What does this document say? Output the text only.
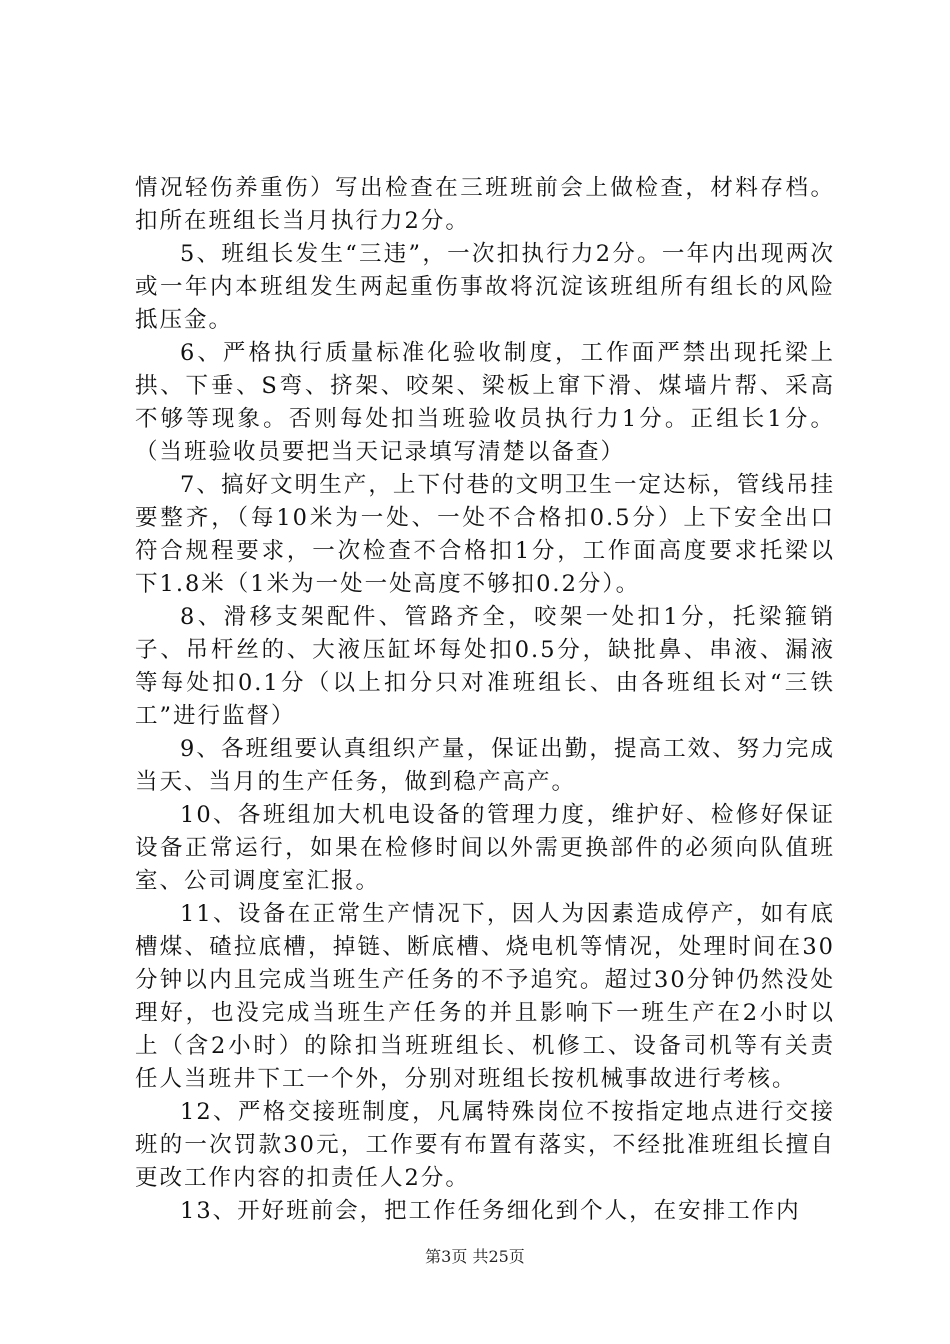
情况轻伤养重伤）写出检查在三班班前会上做检查，材料存档。扣所在班组长当月执行力2分。

5、班组长发生“三违”，一次扣执行力2分。一年内出现两次或一年内本班组发生两起重伤事故将沉淀该班组所有组长的风险抵压金。

6、严格执行质量标准化验收制度，工作面严禁出现托梁上拱、下垂、S弯、挤架、咬架、梁板上窜下滑、煤墙片帮、采高不够等现象。否则每处扣当班验收员执行力1分。正组长1分。（当班验收员要把当天记录填写清楚以备查）

7、搞好文明生产，上下付巷的文明卫生一定达标，管线吊挂要整齐，（每10米为一处、一处不合格扣0.5分）上下安全出口符合规程要求，一次检查不合格扣1分，工作面高度要求托梁以下1.8米（1米为一处一处高度不够扣0.2分）。

8、滑移支架配件、管路齐全，咬架一处扣1分，托梁箍销子、吊杆丝的、大液压缸坏每处扣0.5分，缺批鼻、串液、漏液等每处扣0.1分（以上扣分只对准班组长、由各班组长对“三铁工”进行监督）

9、各班组要认真组织产量，保证出勤，提高工效、努力完成当天、当月的生产任务，做到稳产高产。

10、各班组加大机电设备的管理力度，维护好、检修好保证设备正常运行，如果在检修时间以外需更换部件的必须向队值班室、公司调度室汇报。

11、设备在正常生产情况下，因人为因素造成停产，如有底槽煤、碴拉底槽，掉链、断底槽、烧电机等情况，处理时间在30分钟以内且完成当班生产任务的不予追究。超过30分钟仍然没处理好，也没完成当班生产任务的并且影响下一班生产在2小时以上（含2小时）的除扣当班班组长、机修工、设备司机等有关责任人当班井下工一个外，分别对班组长按机械事故进行考核。

12、严格交接班制度，凡属特殊岗位不按指定地点进行交接班的一次罚款30元，工作要有布置有落实，不经批准班组长擅自更改工作内容的扣责任人2分。

13、开好班前会，把工作任务细化到个人，在安排工作内

第3页 共25页
